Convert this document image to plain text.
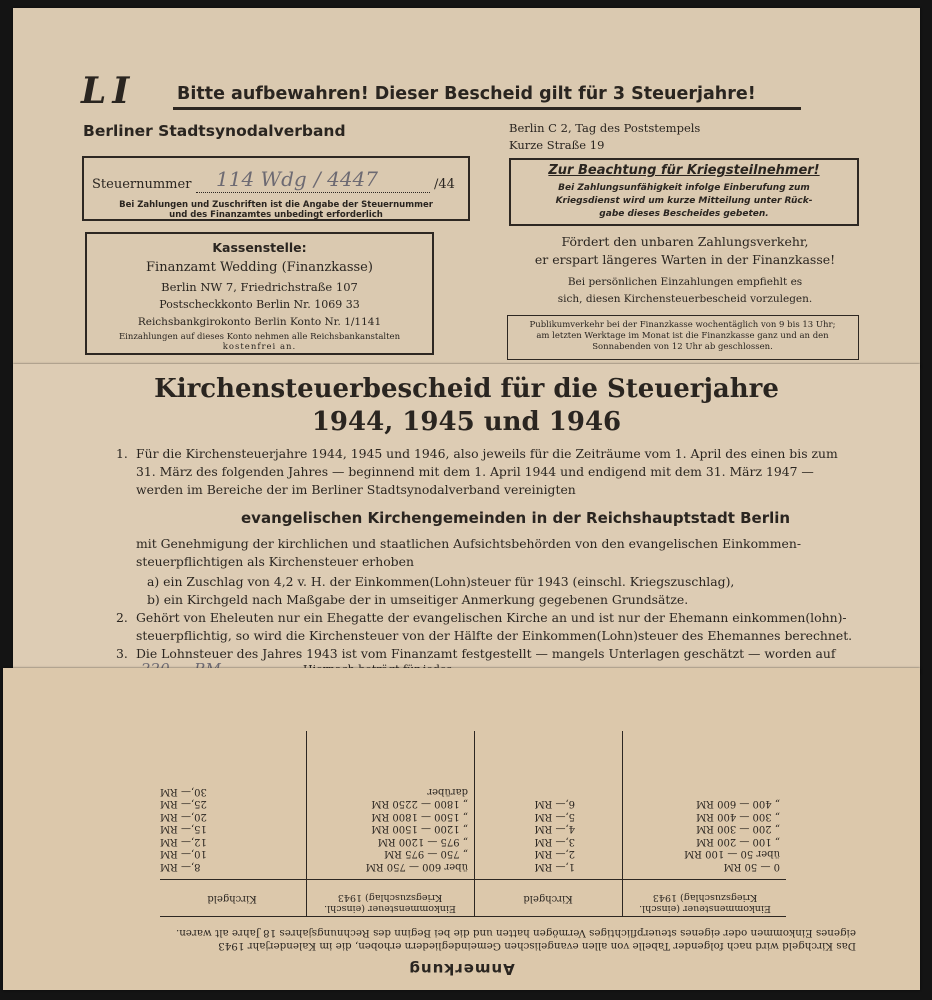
LI Bitte aufbewahren! Dieser Bescheid gilt für 3 Steuerjahre!
Berliner Stadtsynodalverband	Berlin C 2, Tag des Poststempels
Kurze Straße 19
Steuernummer 114 Wdg / 4447	/44
Bei Zahlungen und Zuschriften ist die Angabe der Steuernummer
und des Finanzamtes unbedingt erforderlich
Zur Beachtung für Kriegsteilnehmer!
Bei Zahlungsunfähigkeit infolge Einberufung zum
Kriegsdienst wird um kurze Mitteilung unter Rück-
gabe dieses Bescheides gebeten.
Kassenstelle:
Finanzamt Wedding (Finanzkasse)
Berlin NW 7, Friedrichstraße 107
Postscheckkonto Berlin Nr. 1069 33
Reichsbankgirokonto Berlin Konto Nr. 1/1141
Einzahlungen auf dieses Konto nehmen alle Reichsbankanstalten
kostenfrei an.
Fördert den unbaren Zahlungsverkehr,
er erspart längeres Warten in der Finanzkasse!
Bei persönlichen Einzahlungen empfiehlt es
sich, diesen Kirchensteuerbescheid vorzulegen.
Publikumverkehr bei der Finanzkasse wochentäglich von 9 bis 13 Uhr;
am letzten Werktage im Monat ist die Finanzkasse ganz und an den
Sonnabenden von 12 Uhr ab geschlossen.
Kirchensteuerbescheid für die Steuerjahre
1944, 1945 und 1946
1. Für die Kirchensteuerjahre 1944, 1945 und 1946, also jeweils für die Zeiträume vom 1. April des einen bis zum
31. März des folgenden Jahres — beginnend mit dem 1. April 1944 und endigend mit dem 31. März 1947 —
werden im Bereiche der im Berliner Stadtsynodalverband vereinigten
evangelischen Kirchengemeinden in der Reichshauptstadt Berlin
mit Genehmigung der kirchlichen und staatlichen Aufsichtsbehörden von den evangelischen Einkommen-
steuerpflichtigen als Kirchensteuer erhoben
a) ein Zuschlag von 4,2 v. H. der Einkommen(Lohn)steuer für 1943 (einschl. Kriegszuschlag),
b) ein Kirchgeld nach Maßgabe der in umseitiger Anmerkung gegebenen Grundsätze.
2. Gehört von Eheleuten nur ein Ehegatte der evangelischen Kirche an und ist nur der Ehemann einkommen(lohn)-
steuerpflichtig, so wird die Kirchensteuer von der Hälfte der Einkommen(Lohn)steuer des Ehemannes berechnet.
3. Die Lohnsteuer des Jahres 1943 ist vom Finanzamt festgestellt — mangels Unterlagen geschätzt — worden auf
Anmerkung
Das Kirchgeld wird nach folgender Tabelle von allen evangelischen Gemeindegliedern erhoben, die im Kalenderjahr 1943
eigenes Einkommen oder eigenes steuerpflichtiges Vermögen hatten und die bei Beginn des Rechnungsjahres 18 Jahre alt waren.
Einkommensteuer (einschl. Kriegszuschlag) 1943
Kirchgeld
Einkommensteuer (einschl. Kriegszuschlag) 1943
Kirchgeld
0 — 50 RM
über 50 — 100 RM
„ 100 — 200 RM
„ 200 — 300 RM
„ 300 — 400 RM
„ 400 — 600 RM
1,— RM
2,— RM
3,— RM
4,— RM
5,— RM
6,— RM
über 600 — 750 RM
„ 750 — 975 RM
„ 975 — 1200 RM
„ 1200 — 1500 RM
„ 1500 — 1800 RM
„ 1800 — 2250 RM
darüber
8,— RM
10,— RM
12,— RM
15,— RM
20,— RM
25,— RM
30,— RM
